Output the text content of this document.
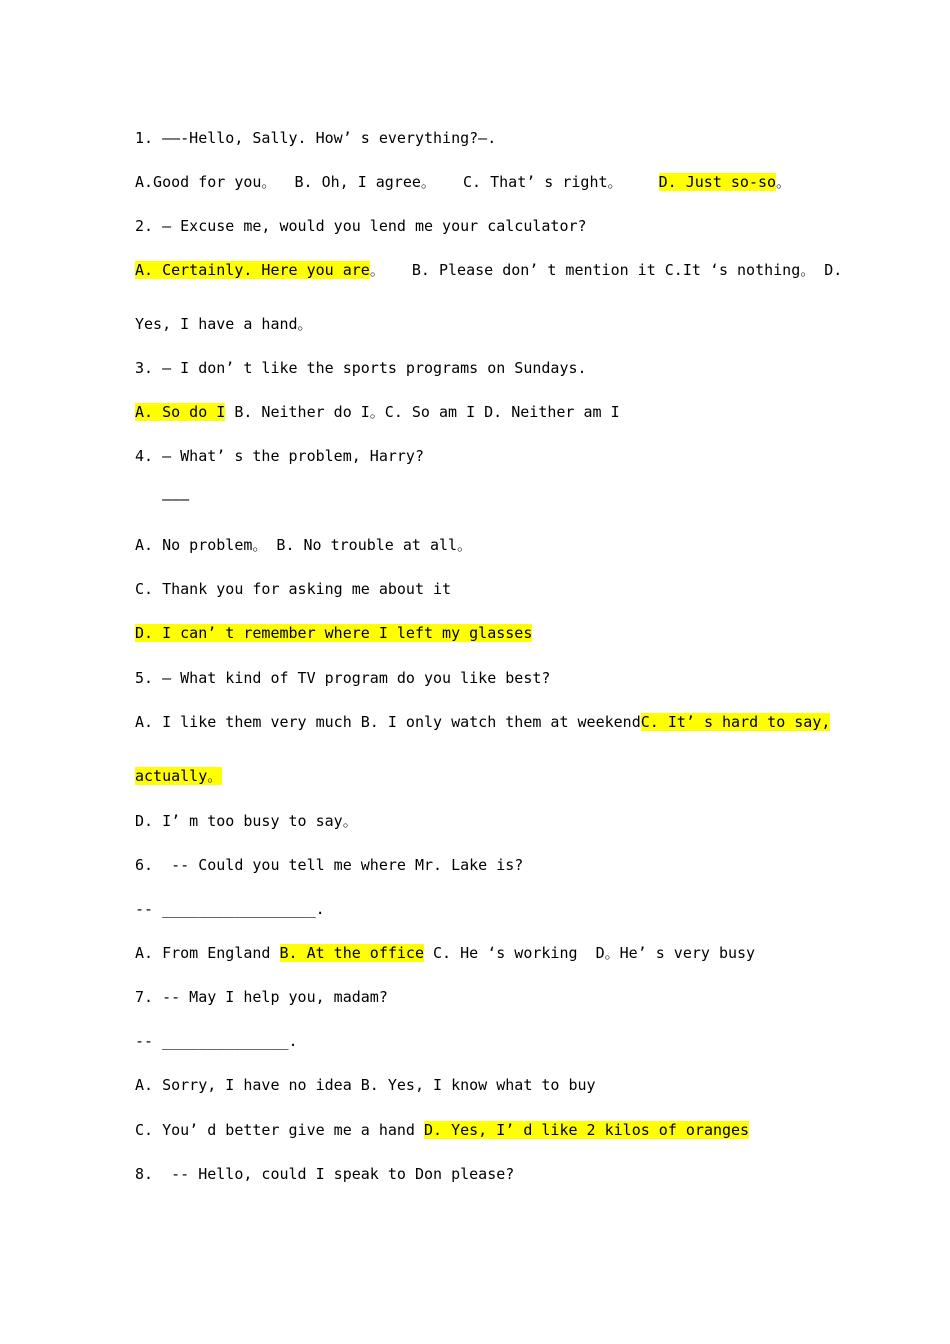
1. ——-Hello, Sally. How’ s everything?—.
A.Good for you。  B. Oh, I agree。   C. That’ s right。    D. Just so-so。
2. — Excuse me, would you lend me your calculator?
A. Certainly. Here you are。   B. Please don’ t mention it C.It ‘s nothing。 D.
Yes, I have a hand。
3. — I don’ t like the sports programs on Sundays.
A. So do I B. Neither do I。C. So am I D. Neither am I
4. — What’ s the problem, Harry?
———
A. No problem。 B. No trouble at all。
C. Thank you for asking me about it
D. I can’ t remember where I left my glasses
5. — What kind of TV program do you like best?
A. I like them very much B. I only watch them at weekendC. It’ s hard to say,
actually。
D. I’ m too busy to say。
6.  -- Could you tell me where Mr. Lake is?
-- _________________.
A. From England B. At the office C. He ‘s working  D。He’ s very busy
7. -- May I help you, madam?
-- ______________.
A. Sorry, I have no idea B. Yes, I know what to buy
C. You’ d better give me a hand D. Yes, I’ d like 2 kilos of oranges
8.  -- Hello, could I speak to Don please?
